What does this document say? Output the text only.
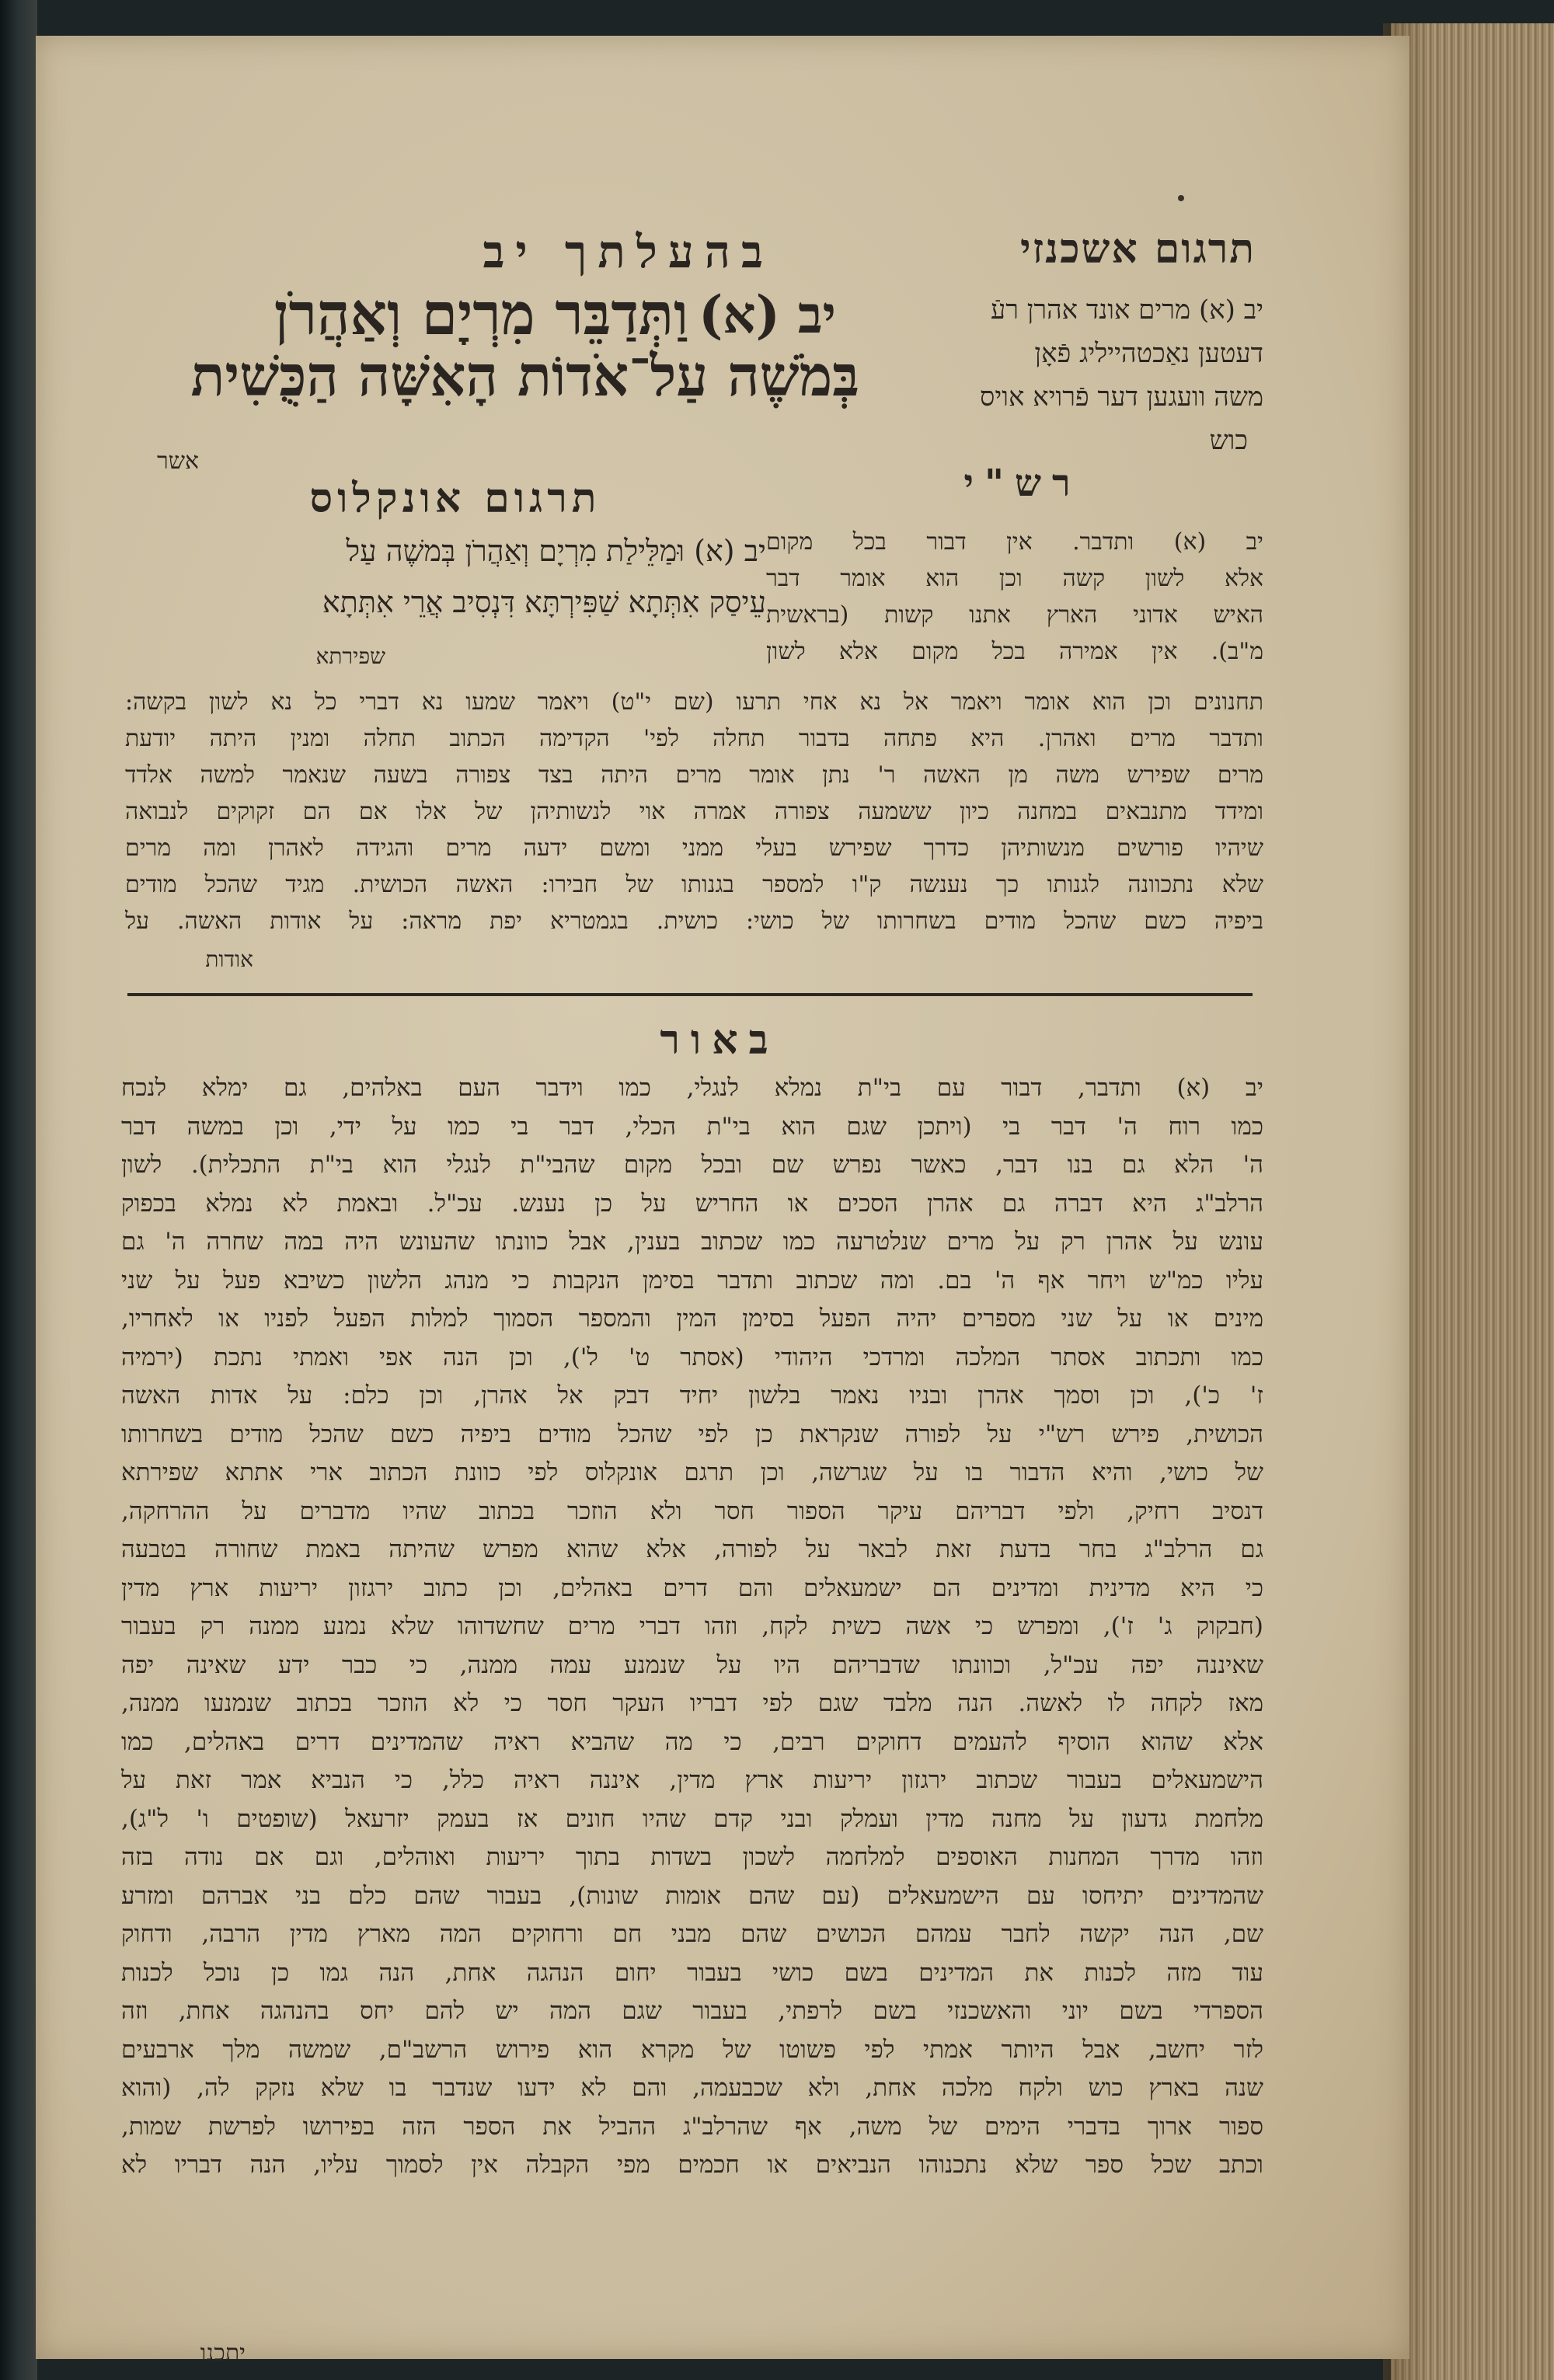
תרגום אשכנזי
בהעלתך יב
יב (א)
וַתְּדַבֵּר מִרְיָם וְאַהֲרֹן
בְּמֹשֶׁה עַל־אֹדוֹת הָאִשָּׁה הַכֻּשִׁית
אשר
יב (א) מרים אונד אהרן רעֿ
דעטען נאַכטהייליג פֿאָן
משה וועגען דער פֿרויא אויס
כוש
רש"י
תרגום אונקלוס
יב (א) וּמַלֵּילַת מִרְיָם וְאַהֲרֹן בְּמשֶׁה עַל
עֵיסַק אִתְּתָא שַׁפִּירְתָּא דִּנְסִיב אֲרֵי אִתְּתָא
שפירתא
יב (א) ותדבר. אין דבור בכל מקום
אלא לשון קשה וכן הוא אומר דבר
האיש אדוני הארץ אתנו קשות (בראשית
מ"ב). אין אמירה בכל מקום אלא לשון
תחנונים וכן הוא אומר ויאמר אל נא אחי תרעו (שם י"ט) ויאמר שמעו נא דברי כל נא לשון בקשה:
ותדבר מרים ואהרן. היא פתחה בדבור תחלה לפי' הקדימה הכתוב תחלה ומנין היתה יודעת
מרים שפירש משה מן האשה ר' נתן אומר מרים היתה בצד צפורה בשעה שנאמר למשה אלדד
ומידד מתנבאים במחנה כיון ששמעה צפורה אמרה אוי לנשותיהן של אלו אם הם זקוקים לנבואה
שיהיו פורשים מנשותיהן כדרך שפירש בעלי ממני ומשם ידעה מרים והגידה לאהרן ומה מרים
שלא נתכוונה לגנותו כך נענשה ק"ו למספר בגנותו של חבירו: האשה הכושית. מגיד שהכל מודים
ביפיה כשם שהכל מודים בשחרותו של כושי: כושית. בגמטריא יפת מראה: על אודות האשה. על
אודות
באור
יב (א) ותדבר, דבור עם בי"ת נמלא לנגלי, כמו וידבר העם באלהים, גם ימלא לנכח
כמו רוח ה' דבר בי (ויתכן שגם הוא בי"ת הכלי, דבר בי כמו על ידי, וכן במשה דבר
ה' הלא גם בנו דבר, כאשר נפרש שם ובכל מקום שהבי"ת לנגלי הוא בי"ת התכלית). לשון
הרלב"ג היא דברה גם אהרן הסכים או החריש על כן נענש. עכ"ל. ובאמת לא נמלא בכפוק
עונש על אהרן רק על מרים שנלטרעה כמו שכתוב בענין, אבל כוונתו שהעונש היה במה שחרה ה' גם
עליו כמ"ש ויחר אף ה' בם. ומה שכתוב ותדבר בסימן הנקבות כי מנהג הלשון כשיבא פעל על שני
מינים או על שני מספרים יהיה הפעל בסימן המין והמספר הסמוך למלות הפעל לפניו או לאחריו,
כמו ותכתוב אסתר המלכה ומרדכי היהודי (אסתר ט' ל'), וכן הנה אפי ואמתי נתכת (ירמיה
ז' כ'), וכן וסמך אהרן ובניו נאמר בלשון יחיד דבק אל אהרן, וכן כלם: על אדות האשה
הכושית, פירש רש"י על לפורה שנקראת כן לפי שהכל מודים ביפיה כשם שהכל מודים בשחרותו
של כושי, והיא הדבור בו על שגרשה, וכן תרגם אונקלוס לפי כוונת הכתוב ארי אתתא שפירתא
דנסיב רחיק, ולפי דבריהם עיקר הספור חסר ולא הוזכר בכתוב שהיו מדברים על ההרחקה,
גם הרלב"ג בחר בדעת זאת לבאר על לפורה, אלא שהוא מפרש שהיתה באמת שחורה בטבעה
כי היא מדינית ומדינים הם ישמעאלים והם דרים באהלים, וכן כתוב ירגזון יריעות ארץ מדין
(חבקוק ג' ז'), ומפרש כי אשה כשית לקח, וזהו דברי מרים שחשדוהו שלא נמנע ממנה רק בעבור
שאיננה יפה עכ"ל, וכוונתו שדבריהם היו על שנמנע עמה ממנה, כי כבר ידע שאינה יפה
מאז לקחה לו לאשה. הנה מלבד שגם לפי דבריו העקר חסר כי לא הוזכר בכתוב שנמנעו ממנה,
אלא שהוא הוסיף להעמים דחוקים רבים, כי מה שהביא ראיה שהמדינים דרים באהלים, כמו
הישמעאלים בעבור שכתוב ירגזון יריעות ארץ מדין, איננה ראיה כלל, כי הנביא אמר זאת על
מלחמת גדעון על מחנה מדין ועמלק ובני קדם שהיו חונים אז בעמק יזרעאל (שופטים ו' ל"ג),
וזהו מדרך המחנות האוספים למלחמה לשכון בשדות בתוך יריעות ואוהלים, וגם אם נודה בזה
שהמדינים יתיחסו עם הישמעאלים (עם שהם אומות שונות), בעבור שהם כלם בני אברהם ומזרע
שם, הנה יקשה לחבר עמהם הכושים שהם מבני חם ורחוקים המה מארץ מדין הרבה, ודחוק
עוד מזה לכנות את המדינים בשם כושי בעבור יחום הנהגה אחת, הנה גמו כן נוכל לכנות
הספרדי בשם יוני והאשכנזי בשם לרפתי, בעבור שגם המה יש להם יחס בהנהגה אחת, וזה
לזר יחשב, אבל היותר אמתי לפי פשוטו של מקרא הוא פירוש הרשב"ם, שמשה מלך ארבעים
שנה בארץ כוש ולקח מלכה אחת, ולא שכבעמה, והם לא ידעו שנדבר בו שלא נזקק לה, (והוא
ספור ארוך בדברי הימים של משה, אף שהרלב"ג ההביל את הספר הזה בפירושו לפרשת שמות,
וכתב שכל ספר שלא נתכנוהו הנביאים או חכמים מפי הקבלה אין לסמוך עליו, הנה דבריו לא
יתכנו
